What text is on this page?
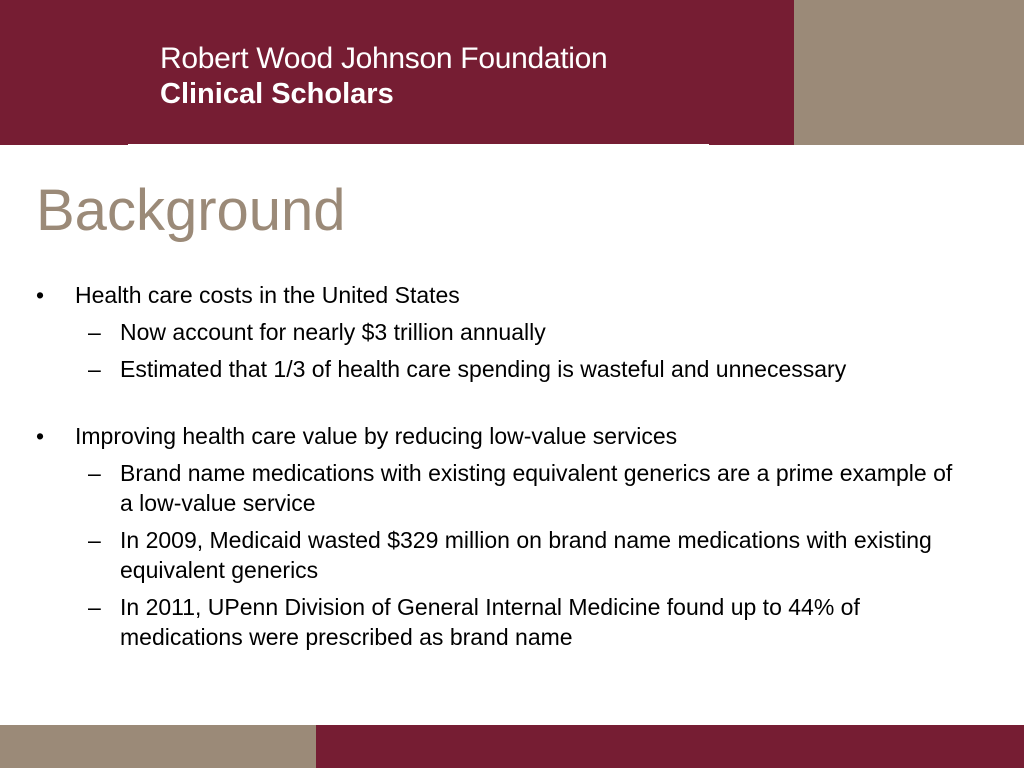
Robert Wood Johnson Foundation
Clinical Scholars
Background
• Health care costs in the United States
– Now account for nearly $3 trillion annually
– Estimated that 1/3 of health care spending is wasteful and unnecessary
• Improving health care value by reducing low-value services
– Brand name medications with existing equivalent generics are a prime example of a low-value service
– In 2009, Medicaid wasted $329 million on brand name medications with existing equivalent generics
– In 2011, UPenn Division of General Internal Medicine found up to 44% of medications were prescribed as brand name
